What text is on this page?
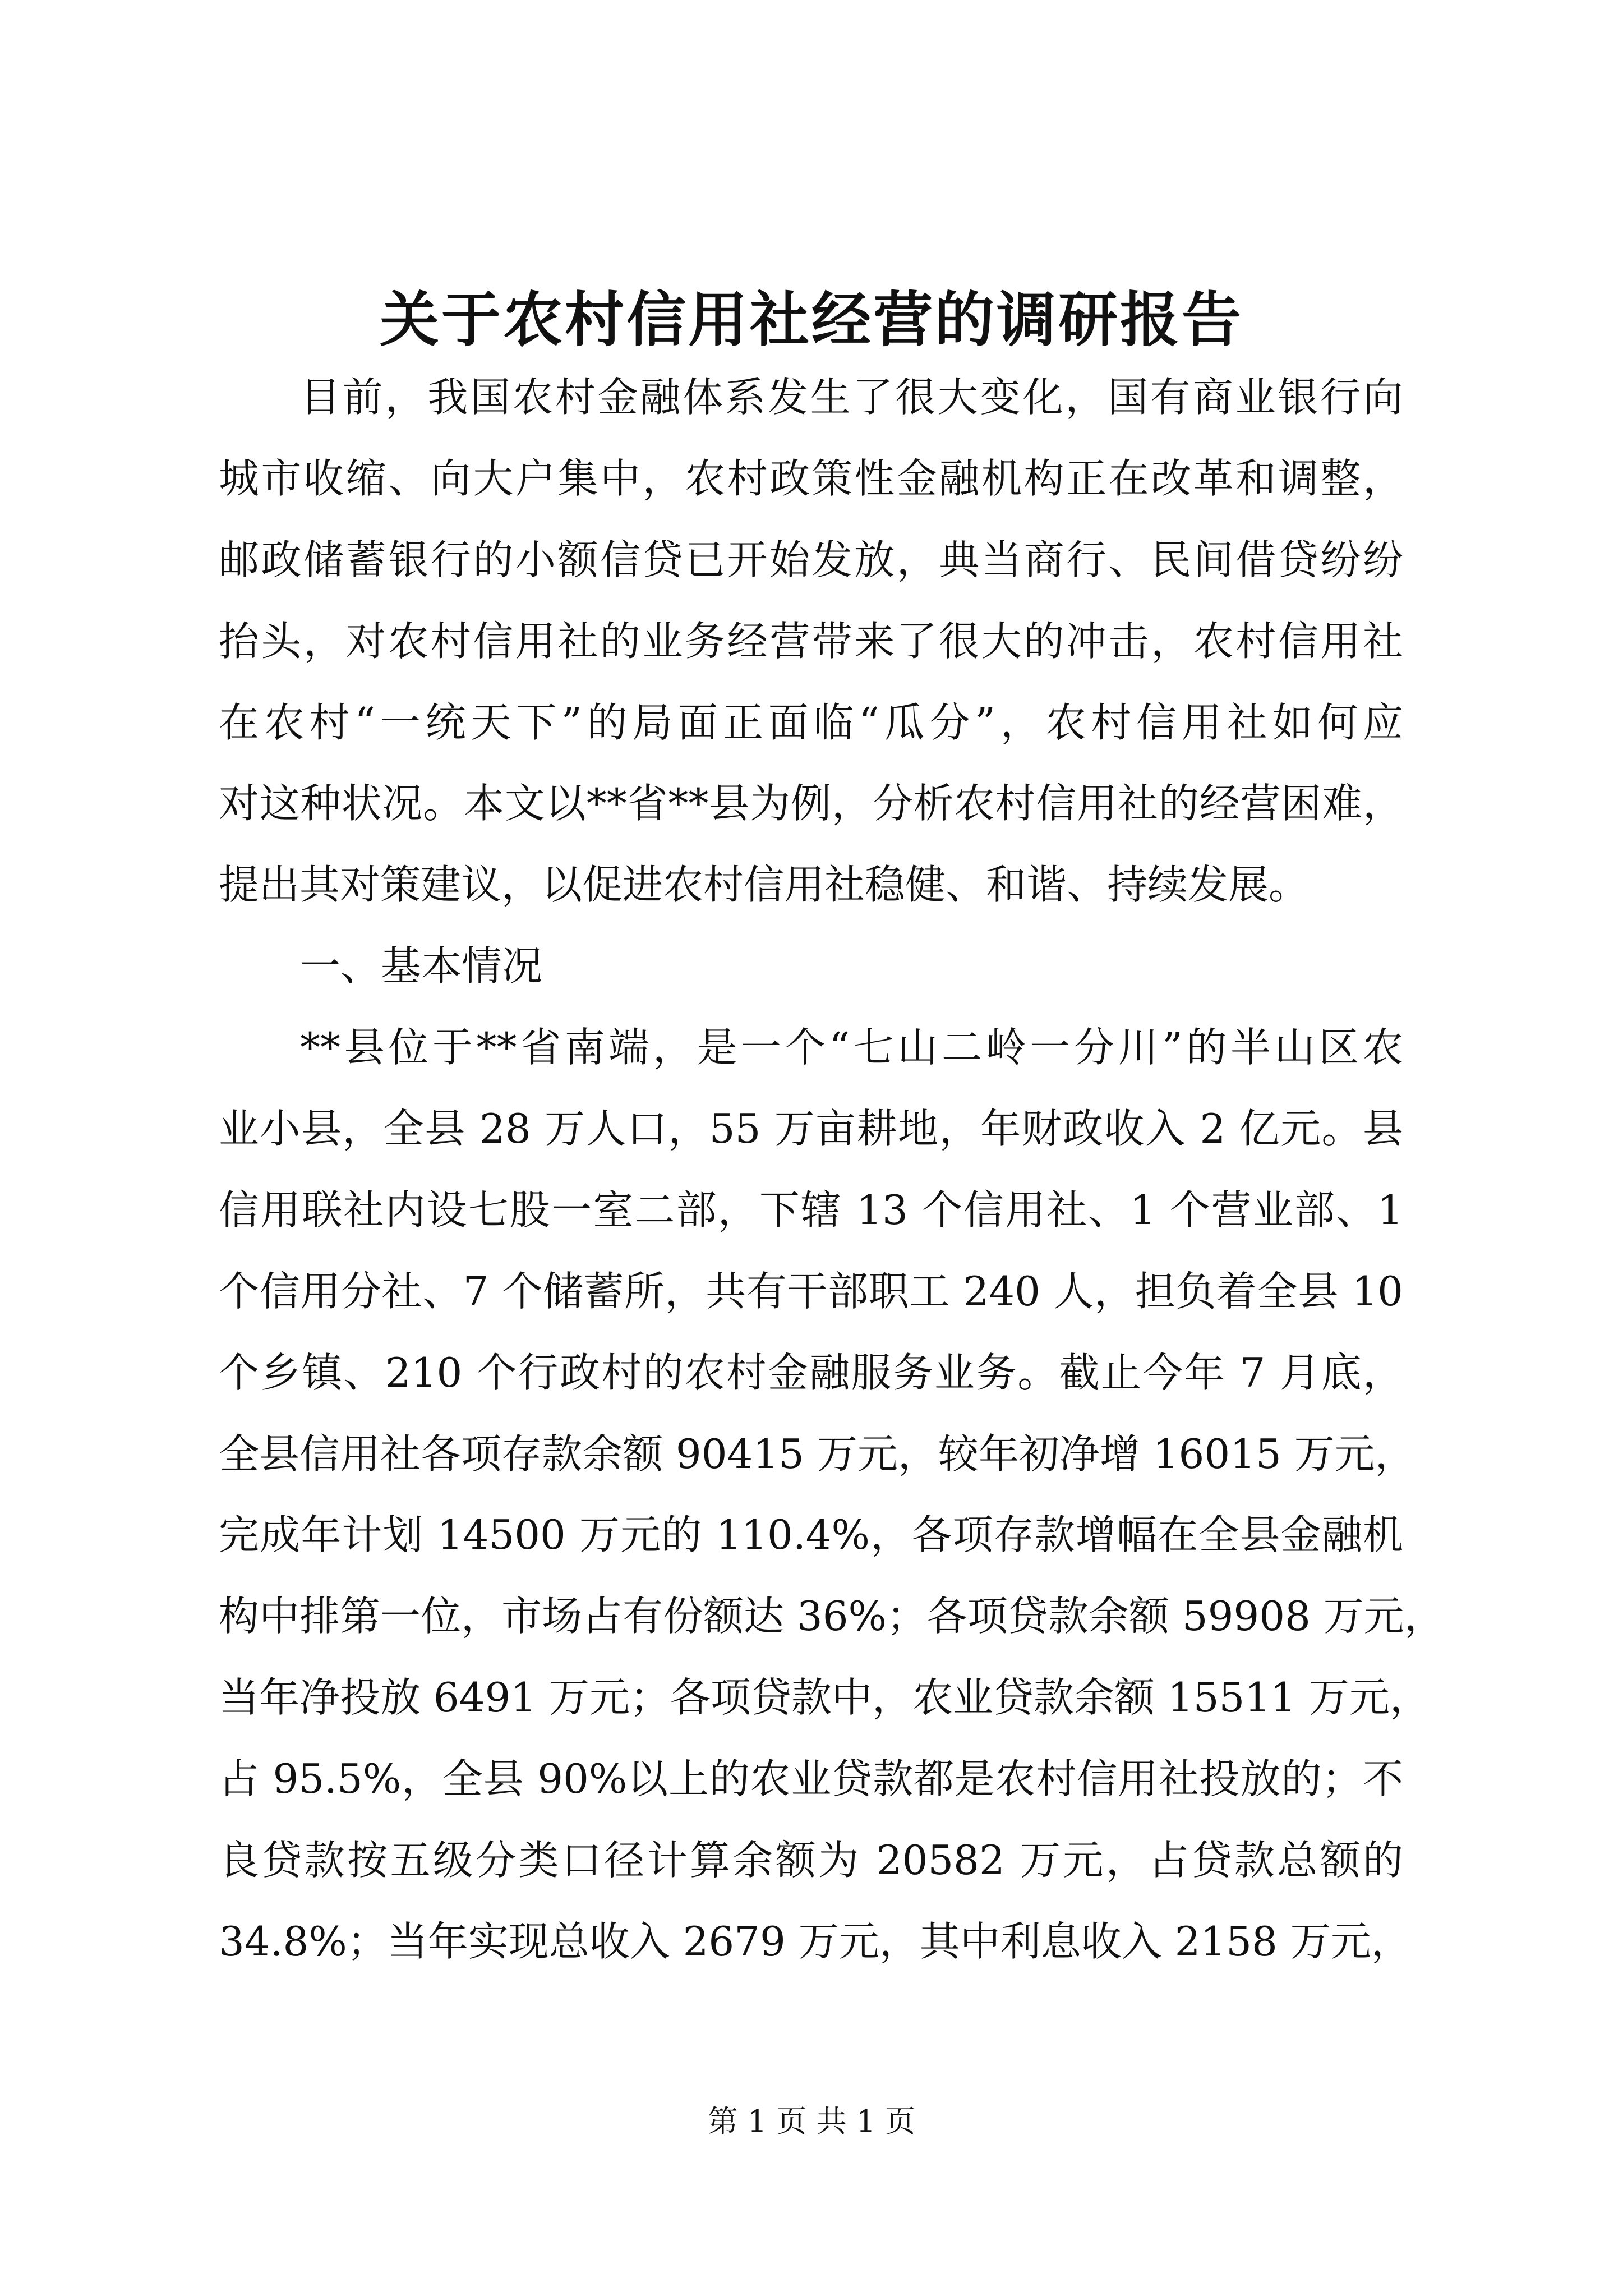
关于农村信用社经营的调研报告

目前，我国农村金融体系发生了很大变化，国有商业银行向

城市收缩、向大户集中，农村政策性金融机构正在改革和调整，

邮政储蓄银行的小额信贷已开始发放，典当商行、民间借贷纷纷

抬头，对农村信用社的业务经营带来了很大的冲击，农村信用社

在农村“一统天下”的局面正面临“瓜分”，农村信用社如何应

对这种状况。本文以**省**县为例，分析农村信用社的经营困难，

提出其对策建议，以促进农村信用社稳健、和谐、持续发展。

一、基本情况

**县位于**省南端，是一个“七山二岭一分川”的半山区农

业小县，全县 28 万人口，55 万亩耕地，年财政收入 2 亿元。县

信用联社内设七股一室二部，下辖 13 个信用社、1 个营业部、1

个信用分社、7 个储蓄所，共有干部职工 240 人，担负着全县 10

个乡镇、210 个行政村的农村金融服务业务。截止今年 7 月底，

全县信用社各项存款余额 90415 万元，较年初净增 16015 万元，

完成年计划 14500 万元的 110.4%，各项存款增幅在全县金融机

构中排第一位，市场占有份额达 36%；各项贷款余额 59908 万元，

当年净投放 6491 万元；各项贷款中，农业贷款余额 15511 万元，

占 95.5%，全县 90%以上的农业贷款都是农村信用社投放的；不

良贷款按五级分类口径计算余额为 20582 万元，占贷款总额的

34.8%；当年实现总收入 2679 万元，其中利息收入 2158 万元，

第 1 页 共 1 页
